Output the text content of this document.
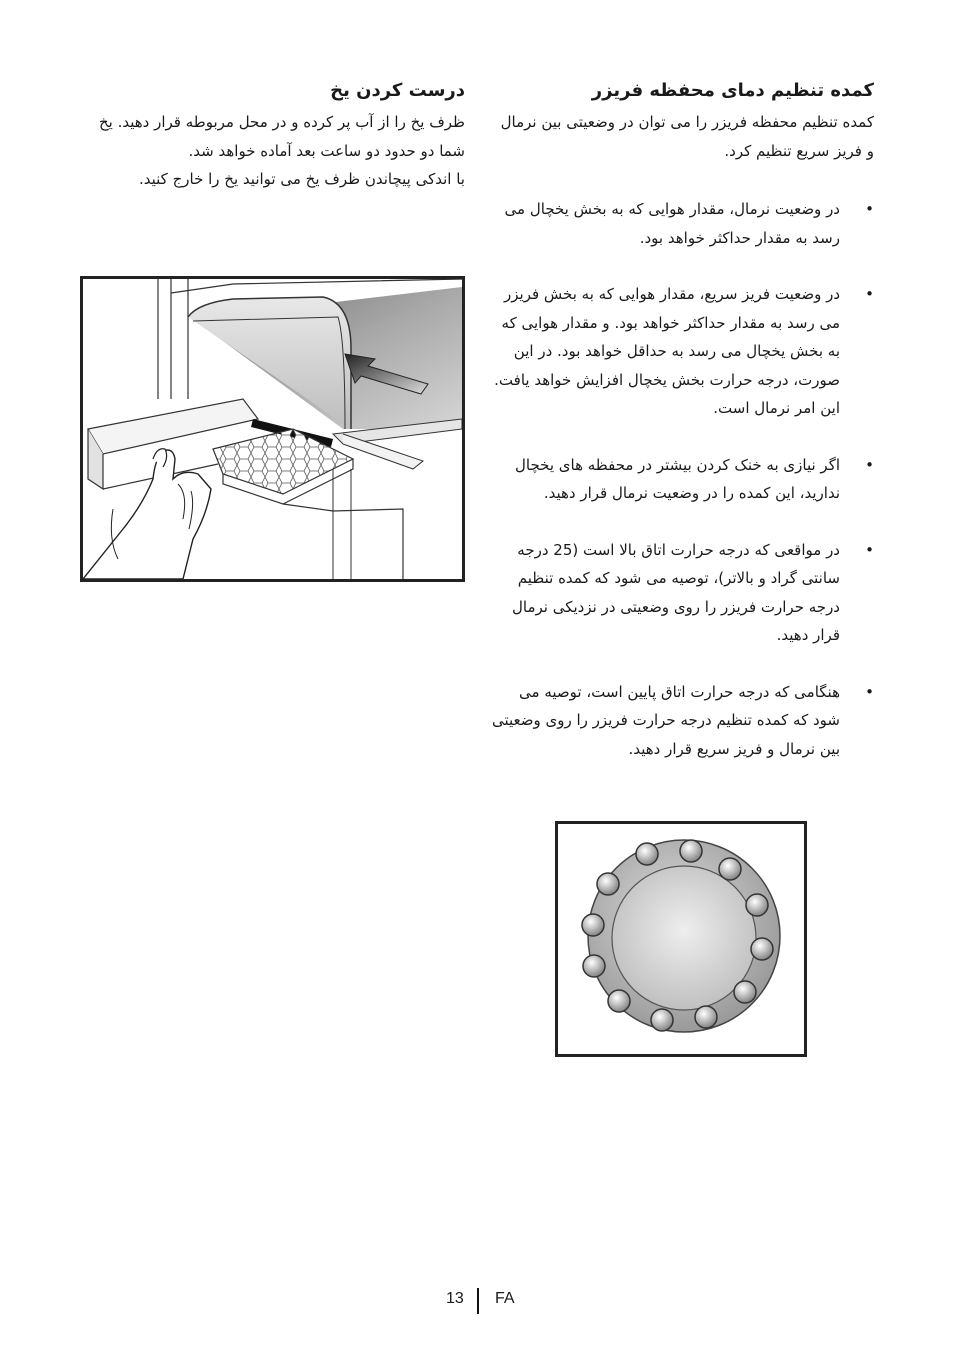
کمده تنظیم دمای محفظه فریزر

کمده تنظیم محفظه فریزر را می توان در وضعیتی بین نرمال و فریز سریع تنظیم کرد.

• در وضعیت نرمال، مقدار هوایی که به بخش یخچال می رسد به مقدار حداکثر خواهد بود.
• در وضعیت فریز سریع، مقدار هوایی که به بخش فریزر می رسد به مقدار حداکثر خواهد بود. و مقدار هوایی که به بخش یخچال می رسد به حداقل خواهد بود. در این صورت، درجه حرارت بخش یخچال افزایش خواهد یافت. این امر نرمال است.
• اگر نیازی به خنک کردن بیشتر در محفظه های یخچال ندارید، این کمده را در وضعیت نرمال قرار دهید.
• در مواقعی که درجه حرارت اتاق بالا است (25 درجه سانتی گراد و بالاتر)، توصیه می شود که کمده تنظیم درجه حرارت فریزر را روی وضعیتی در نزدیکی نرمال قرار دهید.
• هنگامی که درجه حرارت اتاق پایین است، توصیه می شود که کمده تنظیم درجه حرارت فریزر را روی وضعیتی بین نرمال و فریز سریع قرار دهید.
درست کردن یخ

ظرف یخ را از آب پر کرده و در محل مربوطه قرار دهید. یخ شما دو حدود دو ساعت بعد آماده خواهد شد.

با اندکی پیچاندن ظرف یخ می توانید یخ را خارج کنید.

13 FA
